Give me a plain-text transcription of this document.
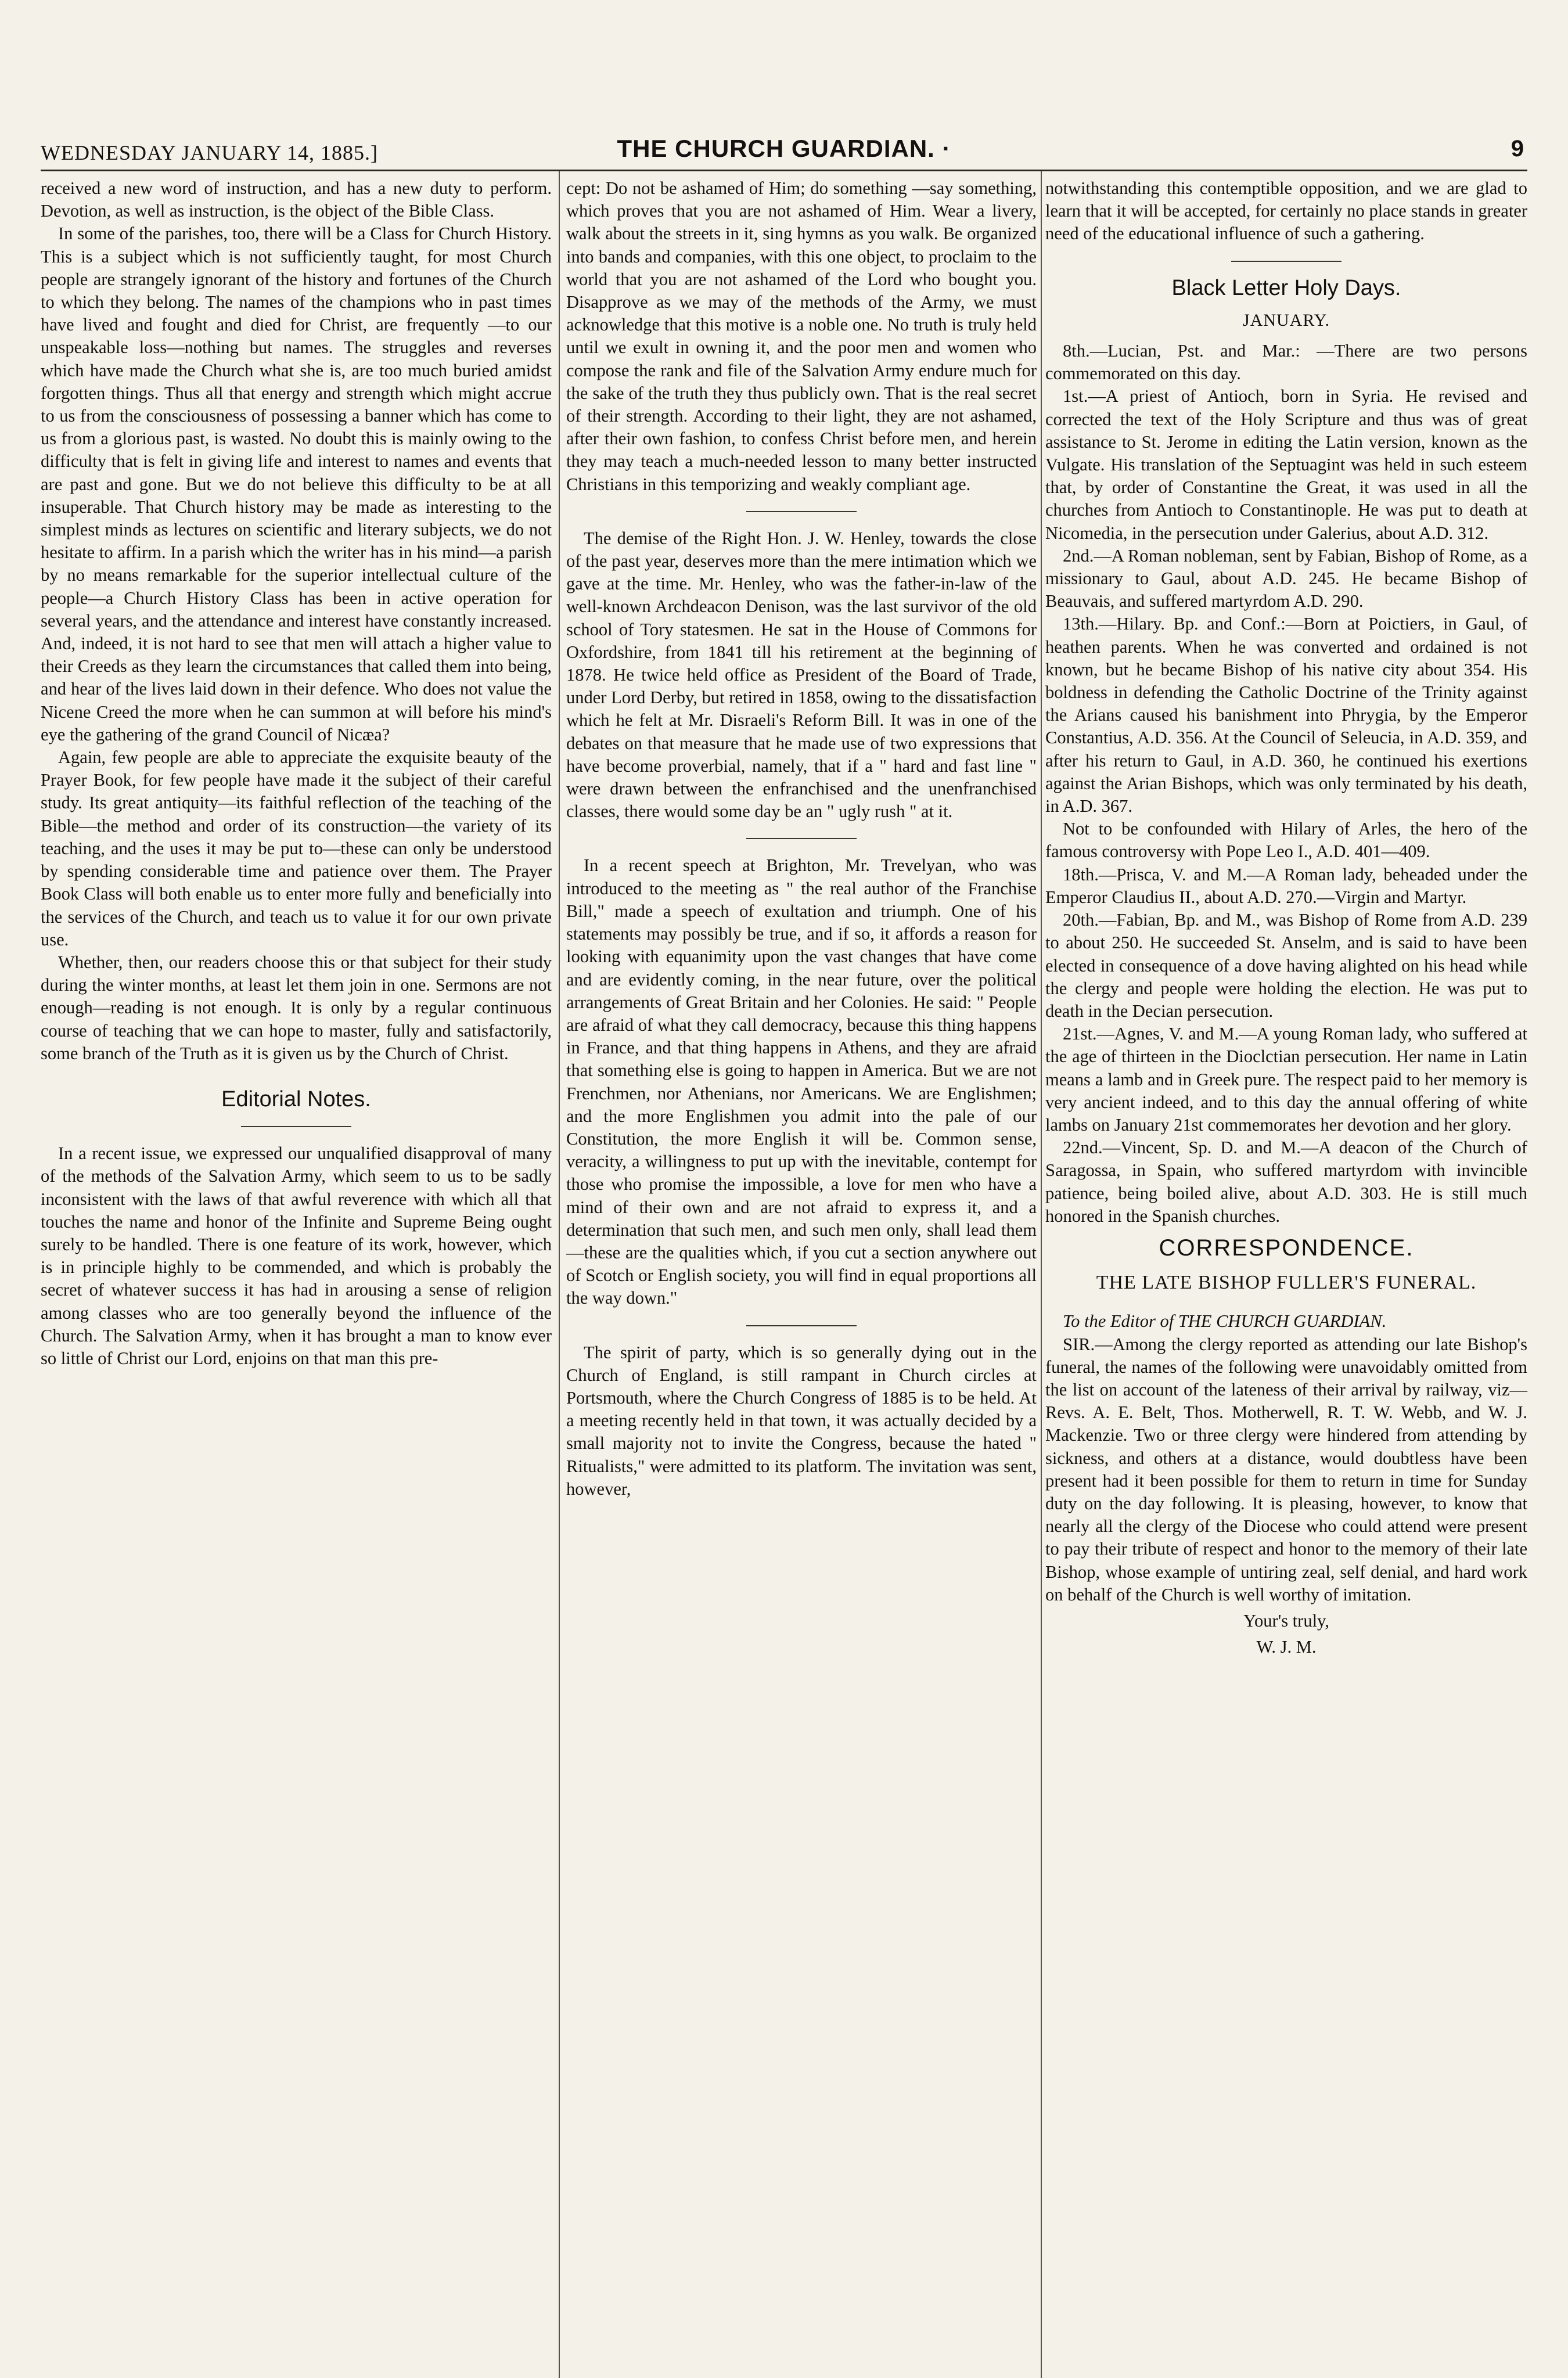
WEDNESDAY JANUARY 14, 1885.]	THE CHURCH GUARDIAN. ·	9

received a new word of instruction, and has a new duty to perform. Devotion, as well as instruction, is the object of the Bible Class.

In some of the parishes, too, there will be a Class for Church History. This is a subject which is not sufficiently taught, for most Church people are strangely ignorant of the history and fortunes of the Church to which they belong. The names of the champions who in past times have lived and fought and died for Christ, are frequently —to our unspeakable loss—nothing but names. The struggles and reverses which have made the Church what she is, are too much buried amidst forgotten things. Thus all that energy and strength which might accrue to us from the consciousness of possessing a banner which has come to us from a glorious past, is wasted. No doubt this is mainly owing to the difficulty that is felt in giving life and interest to names and events that are past and gone. But we do not believe this difficulty to be at all insuperable. That Church history may be made as interesting to the simplest minds as lectures on scientific and literary subjects, we do not hesitate to affirm. In a parish which the writer has in his mind—a parish by no means remarkable for the superior intellectual culture of the people—a Church History Class has been in active operation for several years, and the attendance and interest have constantly increased. And, indeed, it is not hard to see that men will attach a higher value to their Creeds as they learn the circumstances that called them into being, and hear of the lives laid down in their defence. Who does not value the Nicene Creed the more when he can summon at will before his mind's eye the gathering of the grand Council of Nicæa?

Again, few people are able to appreciate the exquisite beauty of the Prayer Book, for few people have made it the subject of their careful study. Its great antiquity—its faithful reflection of the teaching of the Bible—the method and order of its construction—the variety of its teaching, and the uses it may be put to—these can only be understood by spending considerable time and patience over them. The Prayer Book Class will both enable us to enter more fully and beneficially into the services of the Church, and teach us to value it for our own private use.

Whether, then, our readers choose this or that subject for their study during the winter months, at least let them join in one. Sermons are not enough—reading is not enough. It is only by a regular continuous course of teaching that we can hope to master, fully and satisfactorily, some branch of the Truth as it is given us by the Church of Christ.

Editorial Notes.

In a recent issue, we expressed our unqualified disapproval of many of the methods of the Salvation Army, which seem to us to be sadly inconsistent with the laws of that awful reverence with which all that touches the name and honor of the Infinite and Supreme Being ought surely to be handled. There is one feature of its work, however, which is in principle highly to be commended, and which is probably the secret of whatever success it has had in arousing a sense of religion among classes who are too generally beyond the influence of the Church. The Salvation Army, when it has brought a man to know ever so little of Christ our Lord, enjoins on that man this pre-

cept: Do not be ashamed of Him; do something —say something, which proves that you are not ashamed of Him. Wear a livery, walk about the streets in it, sing hymns as you walk. Be organized into bands and companies, with this one object, to proclaim to the world that you are not ashamed of the Lord who bought you. Disapprove as we may of the methods of the Army, we must acknowledge that this motive is a noble one. No truth is truly held until we exult in owning it, and the poor men and women who compose the rank and file of the Salvation Army endure much for the sake of the truth they thus publicly own. That is the real secret of their strength. According to their light, they are not ashamed, after their own fashion, to confess Christ before men, and herein they may teach a much-needed lesson to many better instructed Christians in this temporizing and weakly compliant age.

The demise of the Right Hon. J. W. Henley, towards the close of the past year, deserves more than the mere intimation which we gave at the time. Mr. Henley, who was the father-in-law of the well-known Archdeacon Denison, was the last survivor of the old school of Tory statesmen. He sat in the House of Commons for Oxfordshire, from 1841 till his retirement at the beginning of 1878. He twice held office as President of the Board of Trade, under Lord Derby, but retired in 1858, owing to the dissatisfaction which he felt at Mr. Disraeli's Reform Bill. It was in one of the debates on that measure that he made use of two expressions that have become proverbial, namely, that if a " hard and fast line " were drawn between the enfranchised and the unenfranchised classes, there would some day be an " ugly rush " at it.

In a recent speech at Brighton, Mr. Trevelyan, who was introduced to the meeting as " the real author of the Franchise Bill," made a speech of exultation and triumph. One of his statements may possibly be true, and if so, it affords a reason for looking with equanimity upon the vast changes that have come and are evidently coming, in the near future, over the political arrangements of Great Britain and her Colonies. He said: " People are afraid of what they call democracy, because this thing happens in France, and that thing happens in Athens, and they are afraid that something else is going to happen in America. But we are not Frenchmen, nor Athenians, nor Americans. We are Englishmen; and the more Englishmen you admit into the pale of our Constitution, the more English it will be. Common sense, veracity, a willingness to put up with the inevitable, contempt for those who promise the impossible, a love for men who have a mind of their own and are not afraid to express it, and a determination that such men, and such men only, shall lead them—these are the qualities which, if you cut a section anywhere out of Scotch or English society, you will find in equal proportions all the way down."

The spirit of party, which is so generally dying out in the Church of England, is still rampant in Church circles at Portsmouth, where the Church Congress of 1885 is to be held. At a meeting recently held in that town, it was actually decided by a small majority not to invite the Congress, because the hated " Ritualists," were admitted to its platform. The invitation was sent, however,

notwithstanding this contemptible opposition, and we are glad to learn that it will be accepted, for certainly no place stands in greater need of the educational influence of such a gathering.

Black Letter Holy Days.
JANUARY.

8th.—Lucian, Pst. and Mar.: —There are two persons commemorated on this day.

1st.—A priest of Antioch, born in Syria. He revised and corrected the text of the Holy Scripture and thus was of great assistance to St. Jerome in editing the Latin version, known as the Vulgate. His translation of the Septuagint was held in such esteem that, by order of Constantine the Great, it was used in all the churches from Antioch to Constantinople. He was put to death at Nicomedia, in the persecution under Galerius, about A.D. 312.

2nd.—A Roman nobleman, sent by Fabian, Bishop of Rome, as a missionary to Gaul, about A.D. 245. He became Bishop of Beauvais, and suffered martyrdom A.D. 290.

13th.—Hilary. Bp. and Conf.:—Born at Poictiers, in Gaul, of heathen parents. When he was converted and ordained is not known, but he became Bishop of his native city about 354. His boldness in defending the Catholic Doctrine of the Trinity against the Arians caused his banishment into Phrygia, by the Emperor Constantius, A.D. 356. At the Council of Seleucia, in A.D. 359, and after his return to Gaul, in A.D. 360, he continued his exertions against the Arian Bishops, which was only terminated by his death, in A.D. 367.

Not to be confounded with Hilary of Arles, the hero of the famous controversy with Pope Leo I., A.D. 401—409.

18th.—Prisca, V. and M.—A Roman lady, beheaded under the Emperor Claudius II., about A.D. 270.—Virgin and Martyr.

20th.—Fabian, Bp. and M., was Bishop of Rome from A.D. 239 to about 250. He succeeded St. Anselm, and is said to have been elected in consequence of a dove having alighted on his head while the clergy and people were holding the election. He was put to death in the Decian persecution.

21st.—Agnes, V. and M.—A young Roman lady, who suffered at the age of thirteen in the Dioclctian persecution. Her name in Latin means a lamb and in Greek pure. The respect paid to her memory is very ancient indeed, and to this day the annual offering of white lambs on January 21st commemorates her devotion and her glory.

22nd.—Vincent, Sp. D. and M.—A deacon of the Church of Saragossa, in Spain, who suffered martyrdom with invincible patience, being boiled alive, about A.D. 303. He is still much honored in the Spanish churches.

CORRESPONDENCE.
THE LATE BISHOP FULLER'S FUNERAL.

To the Editor of THE CHURCH GUARDIAN.

SIR.—Among the clergy reported as attending our late Bishop's funeral, the names of the following were unavoidably omitted from the list on account of the lateness of their arrival by railway, viz—Revs. A. E. Belt, Thos. Motherwell, R. T. W. Webb, and W. J. Mackenzie. Two or three clergy were hindered from attending by sickness, and others at a distance, would doubtless have been present had it been possible for them to return in time for Sunday duty on the day following. It is pleasing, however, to know that nearly all the clergy of the Diocese who could attend were present to pay their tribute of respect and honor to the memory of their late Bishop, whose example of untiring zeal, self denial, and hard work on behalf of the Church is well worthy of imitation.

Your's truly,
W. J. M.
